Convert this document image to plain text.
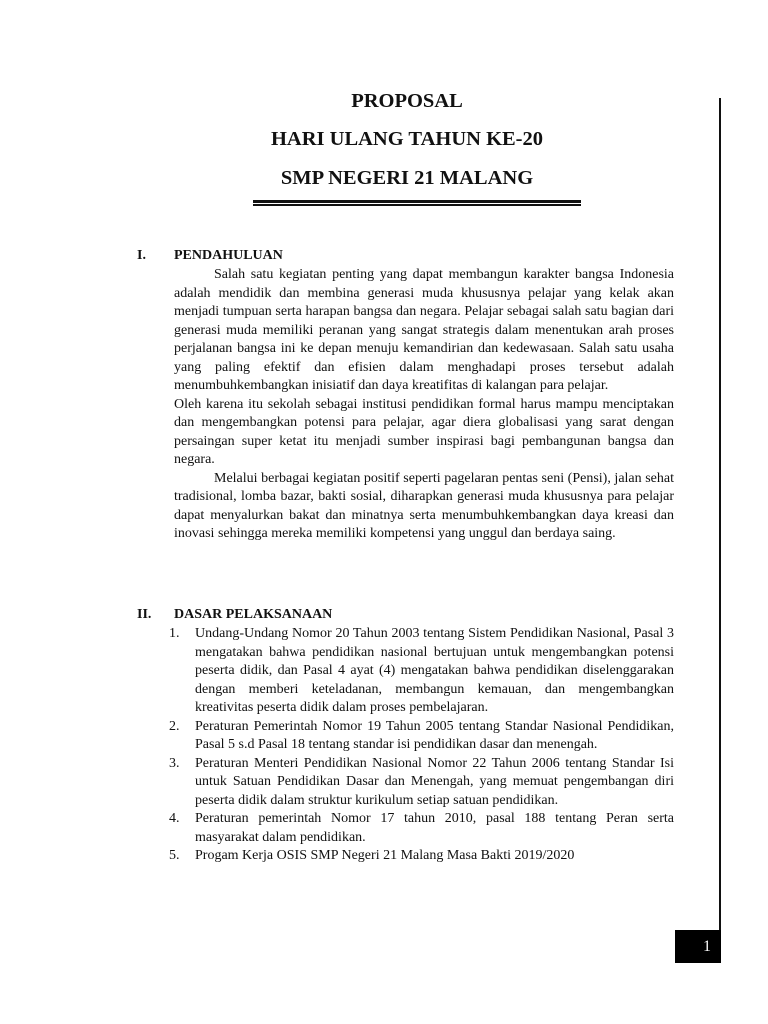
PROPOSAL
HARI ULANG TAHUN KE-20
SMP NEGERI 21 MALANG
I. PENDAHULUAN

Salah satu kegiatan penting yang dapat membangun karakter bangsa Indonesia adalah mendidik dan membina generasi muda khususnya pelajar yang kelak akan menjadi tumpuan serta harapan bangsa dan negara. Pelajar sebagai salah satu bagian dari generasi muda memiliki peranan yang sangat strategis dalam menentukan arah proses perjalanan bangsa ini ke depan menuju kemandirian dan kedewasaan. Salah satu usaha yang paling efektif dan efisien dalam menghadapi proses tersebut adalah menumbuhkembangkan inisiatif dan daya kreatifitas di kalangan para pelajar.

Oleh karena itu sekolah sebagai institusi pendidikan formal harus mampu menciptakan dan mengembangkan potensi para pelajar, agar diera globalisasi yang sarat dengan persaingan super ketat itu menjadi sumber inspirasi bagi pembangunan bangsa dan negara.

Melalui berbagai kegiatan positif seperti pagelaran pentas seni (Pensi), jalan sehat tradisional, lomba bazar, bakti sosial, diharapkan generasi muda khususnya para pelajar dapat menyalurkan bakat dan minatnya serta menumbuhkembangkan daya kreasi dan inovasi sehingga mereka memiliki kompetensi yang unggul dan berdaya saing.

II. DASAR PELAKSANAAN
1. Undang-Undang Nomor 20 Tahun 2003 tentang Sistem Pendidikan Nasional, Pasal 3 mengatakan bahwa pendidikan nasional bertujuan untuk mengembangkan potensi peserta didik, dan Pasal 4 ayat (4) mengatakan bahwa pendidikan diselenggarakan dengan memberi keteladanan, membangun kemauan, dan mengembangkan kreativitas peserta didik dalam proses pembelajaran.
2. Peraturan Pemerintah Nomor 19 Tahun 2005 tentang Standar Nasional Pendidikan, Pasal 5 s.d Pasal 18 tentang standar isi pendidikan dasar dan menengah.
3. Peraturan Menteri Pendidikan Nasional Nomor 22 Tahun 2006 tentang Standar Isi untuk Satuan Pendidikan Dasar dan Menengah, yang memuat pengembangan diri peserta didik dalam struktur kurikulum setiap satuan pendidikan.
4. Peraturan pemerintah Nomor 17 tahun 2010, pasal 188 tentang Peran serta masyarakat dalam pendidikan.
5. Progam Kerja OSIS SMP Negeri 21 Malang Masa Bakti 2019/2020
1
